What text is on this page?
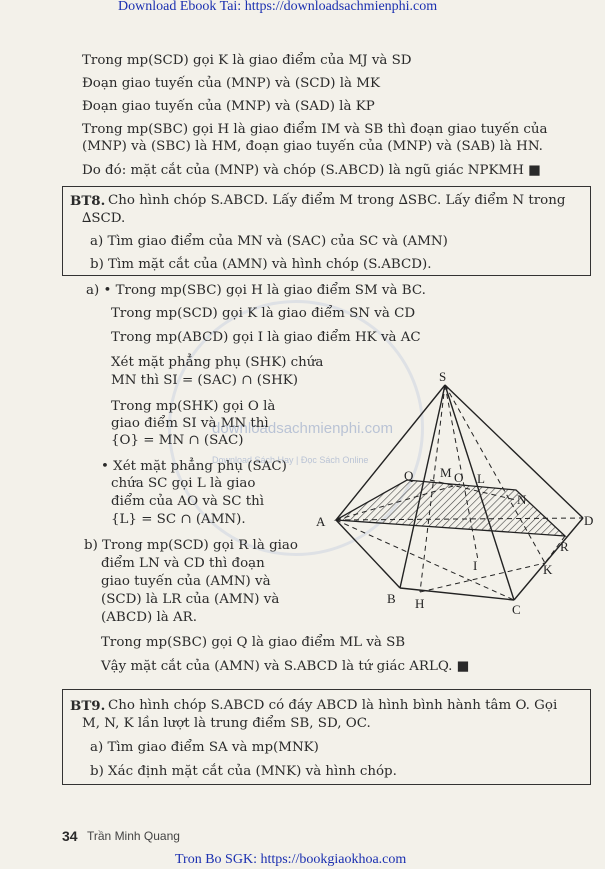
Download Ebook Tai: https://downloadsachmienphi.com
downloadsachmienphi.com
Download Sách Hay | Đọc Sách Online
Trong mp(SCD) gọi K là giao điểm của MJ và SD
Đoạn giao tuyến của (MNP) và (SCD) là MK
Đoạn giao tuyến của (MNP) và (SAD) là KP
Trong mp(SBC) gọi H là giao điểm IM và SB thì đoạn giao tuyến của
(MNP) và (SBC) là HM, đoạn giao tuyến của (MNP) và (SAB) là HN.
Do đó: mặt cắt của (MNP) và chóp (S.ABCD) là ngũ giác NPKMH ■
BT8. Cho hình chóp S.ABCD. Lấy điểm M trong ∆SBC. Lấy điểm N trong
∆SCD.
a) Tìm giao điểm của MN và (SAC) của SC và (AMN)
b) Tìm mặt cắt của (AMN) và hình chóp (S.ABCD).
a) • Trong mp(SBC) gọi H là giao điểm SM và BC.
Trong mp(SCD) gọi K là giao điểm SN và CD
Trong mp(ABCD) gọi I là giao điểm HK và AC
Xét mặt phẳng phụ (SHK) chứa
MN thì SI = (SAC) ∩ (SHK)
Trong mp(SHK) gọi O là
giao điểm SI và MN thì
{O} = MN ∩ (SAC)
• Xét mặt phẳng phụ (SAC)
chứa SC gọi L là giao
điểm của AO và SC thì
{L} = SC ∩ (AMN).
b) Trong mp(SCD) gọi R là giao
điểm LN và CD thì đoạn
giao tuyến của (AMN) và
(SCD) là LR của (AMN) và
(ABCD) là AR.
Trong mp(SBC) gọi Q là giao điểm ML và SB
Vậy mặt cắt của (AMN) và S.ABCD là tứ giác ARLQ. ■
S
A
B H	C
D
Q M O L
N
R
I	K
BT9. Cho hình chóp S.ABCD có đáy ABCD là hình bình hành tâm O. Gọi
M, N, K lần lượt là trung điểm SB, SD, OC.
a) Tìm giao điểm SA và mp(MNK)
b) Xác định mặt cắt của (MNK) và hình chóp.
34 Trần Minh Quang
Tron Bo SGK: https://bookgiaokhoa.com
